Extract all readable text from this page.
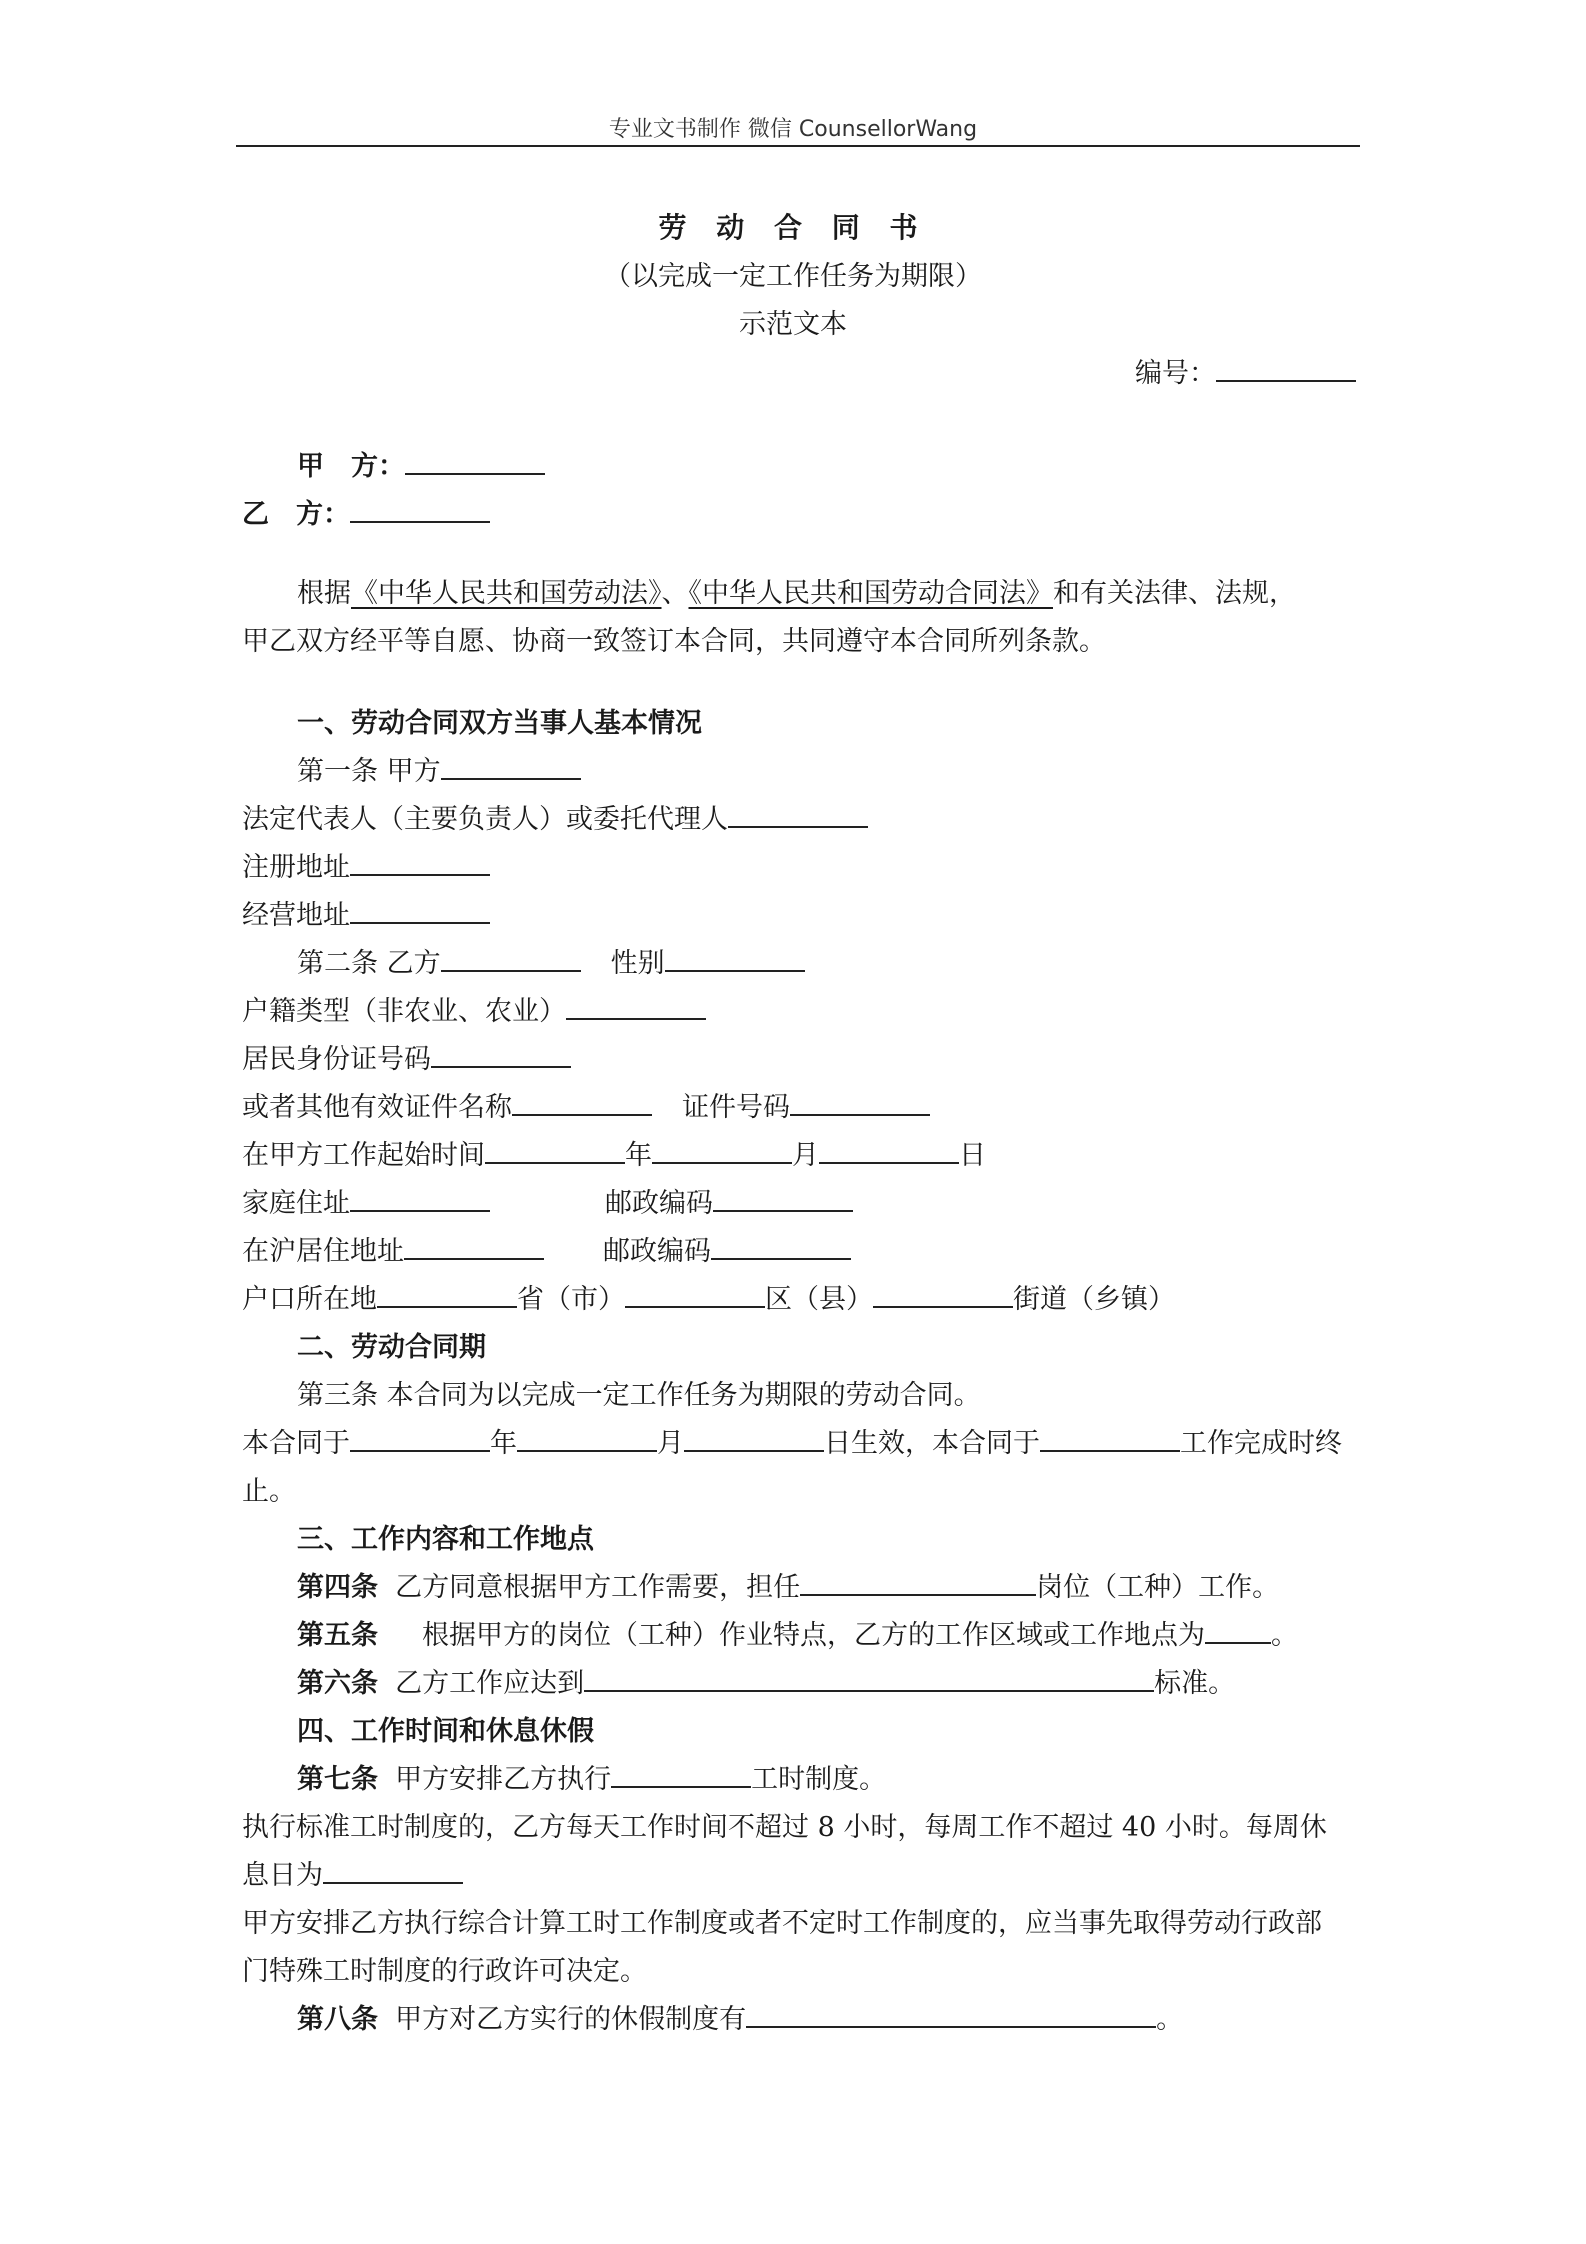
专业文书制作 微信 CounsellorWang
劳 动 合 同 书
（以完成一定工作任务为期限）
示范文本
编号：
甲　方：
乙　方：
根据《中华人民共和国劳动法》、《中华人民共和国劳动合同法》和有关法律、法规，
甲乙双方经平等自愿、协商一致签订本合同，共同遵守本合同所列条款。
一、劳动合同双方当事人基本情况
第一条 甲方
法定代表人（主要负责人）或委托代理人
注册地址
经营地址
第二条 乙方	性别
户籍类型（非农业、农业）
居民身份证号码
或者其他有效证件名称	证件号码
在甲方工作起始时间	年	月	日
家庭住址	邮政编码
在沪居住地址	邮政编码
户口所在地	省（市）	区（县）	街道（乡镇）
二、劳动合同期
第三条 本合同为以完成一定工作任务为期限的劳动合同。
本合同于	年	月	日生效，本合同于	工作完成时终
止。
三、工作内容和工作地点
第四条 乙方同意根据甲方工作需要，担任	岗位（工种）工作。
第五条 根据甲方的岗位（工种）作业特点，乙方的工作区域或工作地点为 。
第六条 乙方工作应达到	标准。
四、工作时间和休息休假
第七条 甲方安排乙方执行	工时制度。
执行标准工时制度的，乙方每天工作时间不超过 8 小时，每周工作不超过 40 小时。每周休
息日为
甲方安排乙方执行综合计算工时工作制度或者不定时工作制度的，应当事先取得劳动行政部
门特殊工时制度的行政许可决定。
第八条 甲方对乙方实行的休假制度有	。
